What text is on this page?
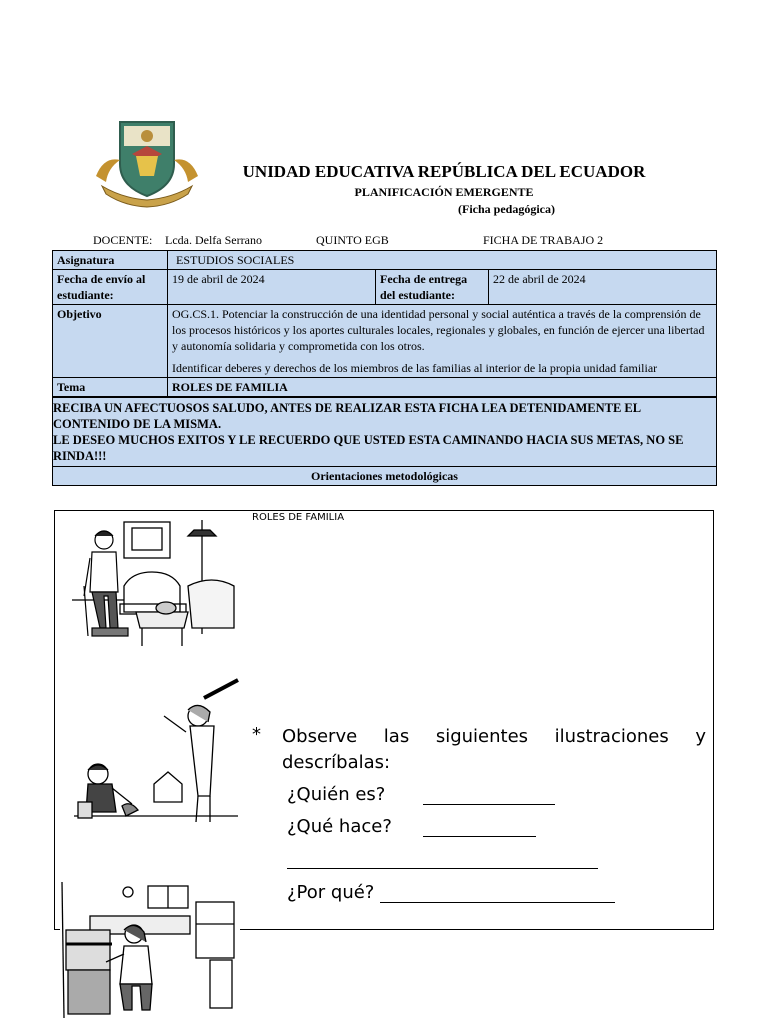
UNIDAD EDUCATIVA REPÚBLICA DEL ECUADOR
PLANIFICACIÓN EMERGENTE
(Ficha pedagógica)
DOCENTE: Lcda. Delfa Serrano	QUINTO EGB	FICHA DE TRABAJO 2
Asignatura	ESTUDIOS SOCIALES		
Fecha de envío al estudiante:	19 de abril de 2024	Fecha de entrega del estudiante:	22 de abril de 2024
Objetivo	OG.CS.1. Potenciar la construcción de una identidad personal y social auténtica a través de la comprensión de los procesos históricos y los aportes culturales locales, regionales y globales, en función de ejercer una libertad y autonomía solidaria y comprometida con los otros.
Identificar deberes y derechos de los miembros de las familias al interior de la propia unidad familiar		

Tema	ROLES DE FAMILIA		

RECIBA UN AFECTUOSOS SALUDO, ANTES DE REALIZAR ESTA FICHA LEA DETENIDAMENTE EL CONTENIDO DE LA MISMA.
LE DESEO MUCHOS EXITOS Y LE RECUERDO QUE USTED ESTA CAMINANDO HACIA SUS METAS, NO SE RINDA!!!			

Orientaciones metodológicas			
ROLES DE FAMILIA
* Observe las siguientes ilustraciones y descríbalas:
¿Quién es?
¿Qué hace?
¿Por qué?
